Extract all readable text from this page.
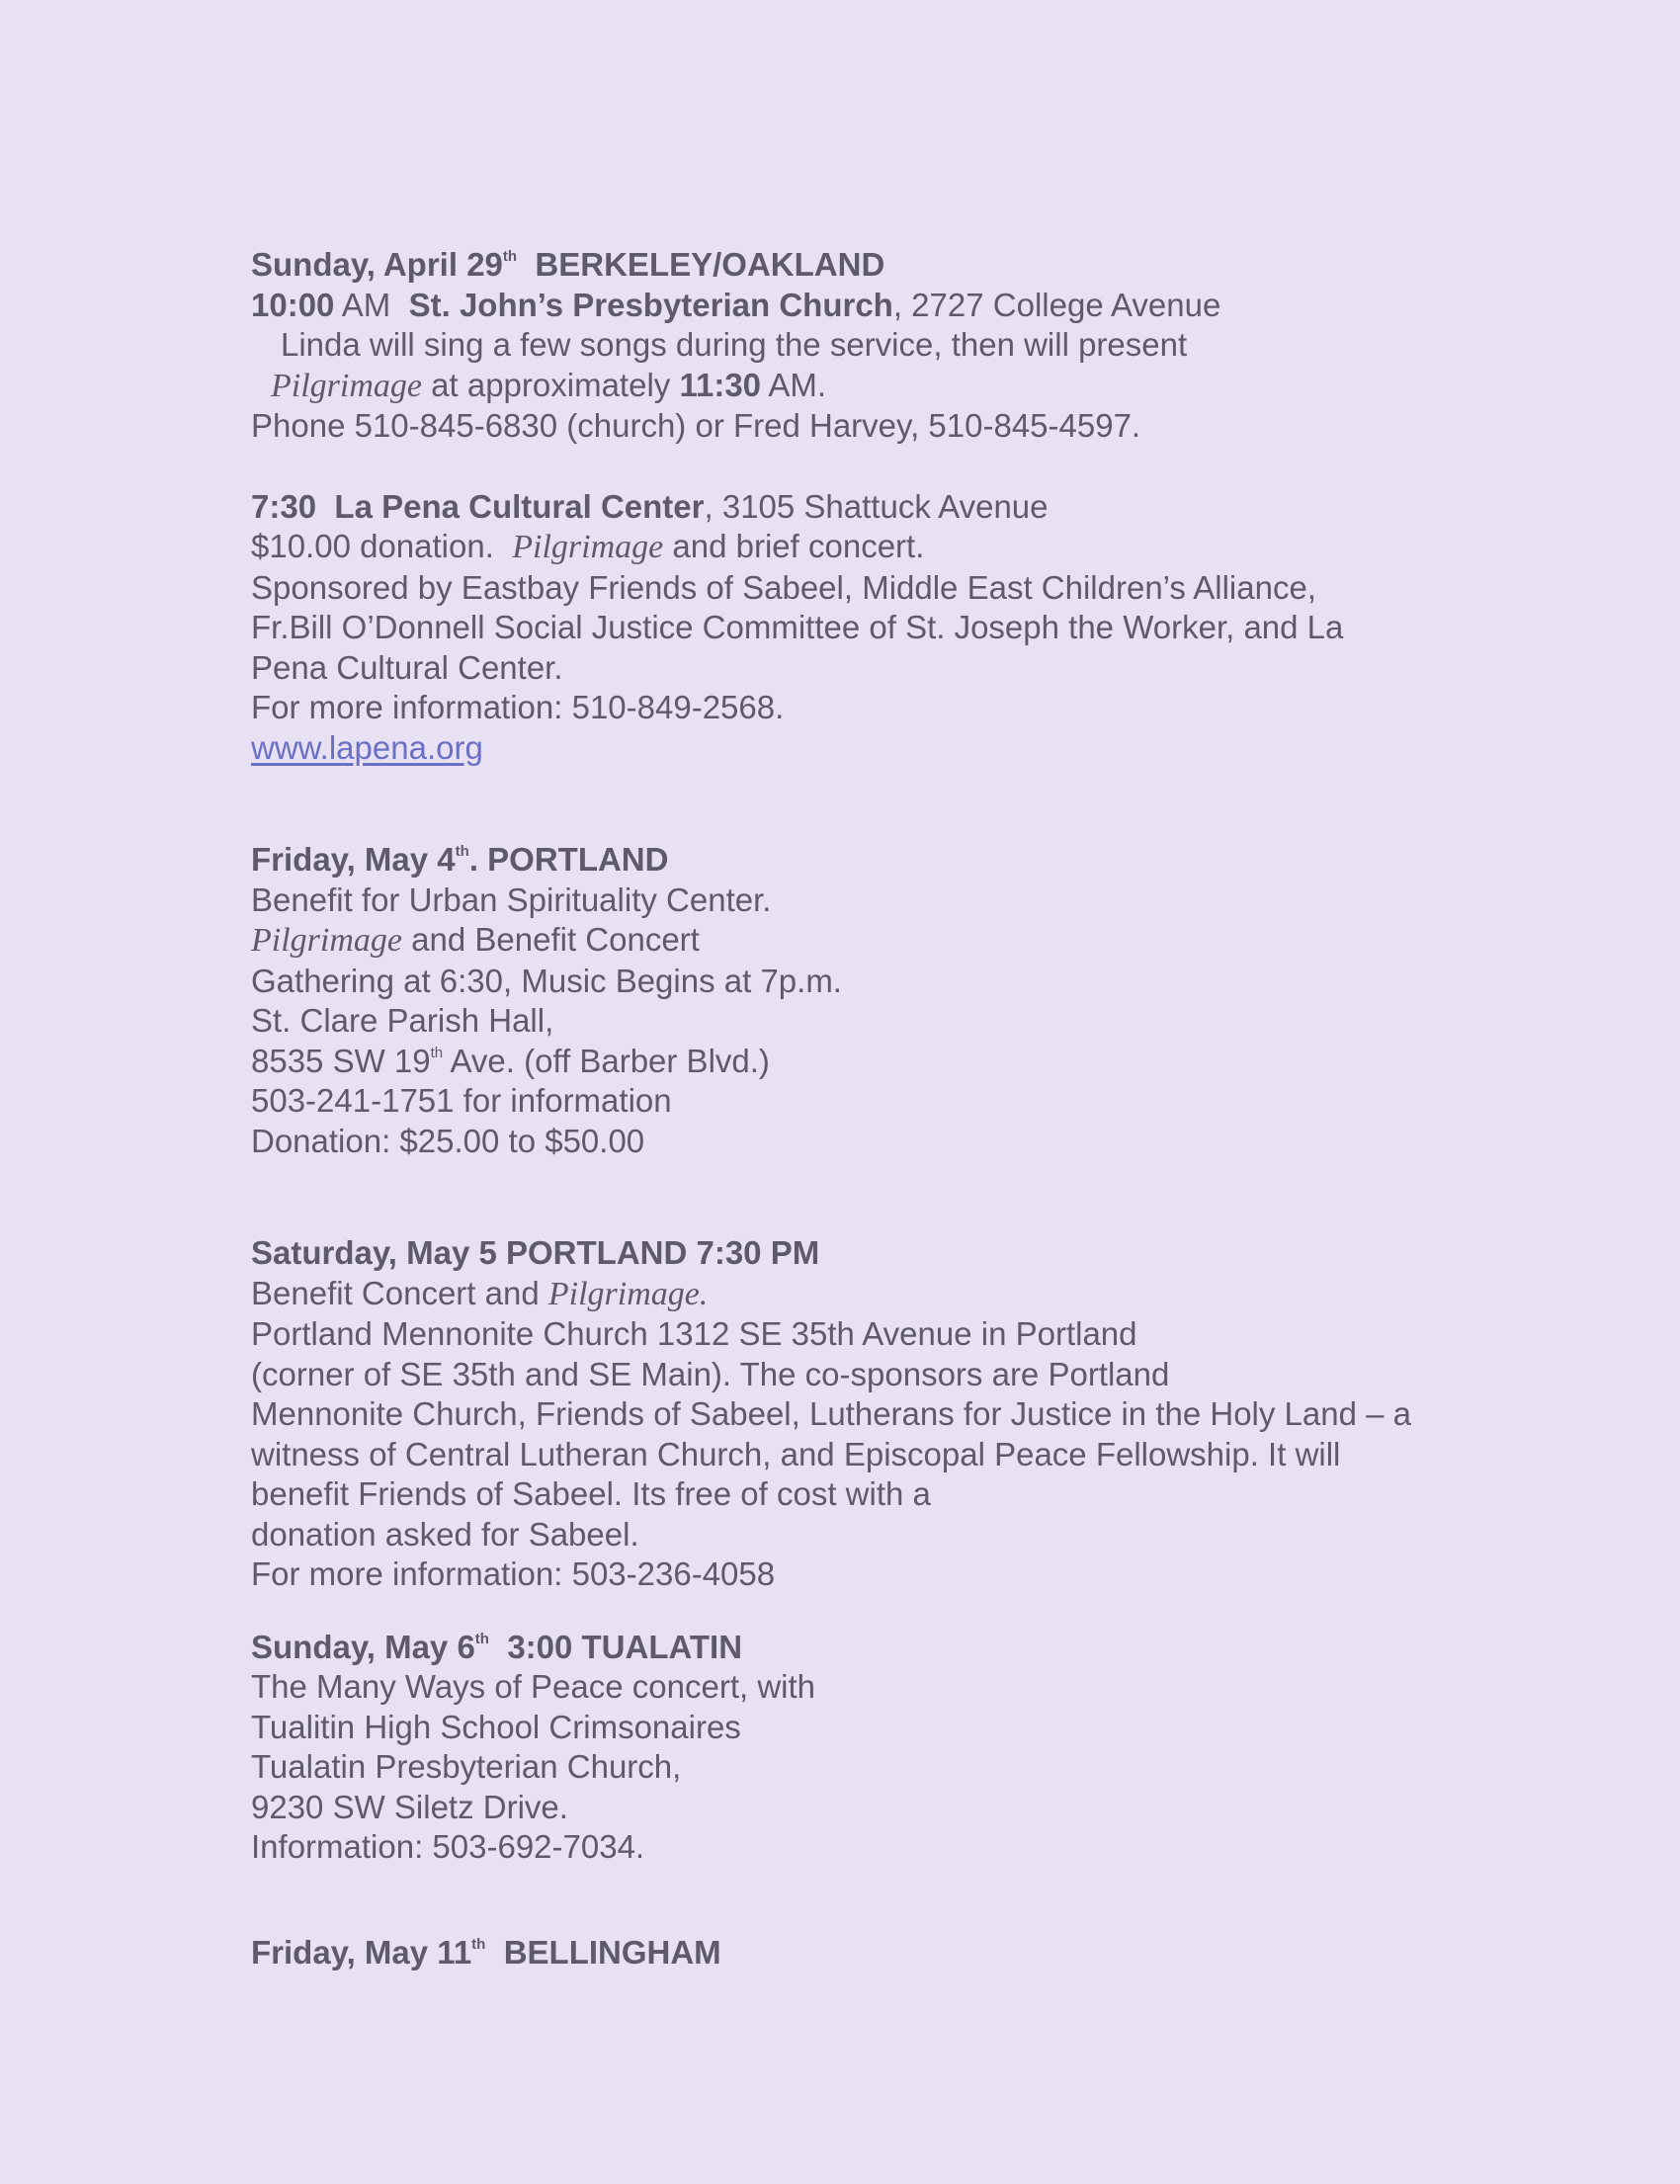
Sunday, April 29th BERKELEY/OAKLAND
10:00 AM St. John’s Presbyterian Church, 2727 College Avenue
Linda will sing a few songs during the service, then will present
Pilgrimage at approximately 11:30 AM.
Phone 510-845-6830 (church) or Fred Harvey, 510-845-4597.
7:30 La Pena Cultural Center, 3105 Shattuck Avenue
$10.00 donation. Pilgrimage and brief concert.
Sponsored by Eastbay Friends of Sabeel, Middle East Children’s Alliance,
Fr.Bill O’Donnell Social Justice Committee of St. Joseph the Worker, and La
Pena Cultural Center.
For more information: 510-849-2568.
www.lapena.org
Friday, May 4th. PORTLAND
Benefit for Urban Spirituality Center.
Pilgrimage and Benefit Concert
Gathering at 6:30, Music Begins at 7p.m.
St. Clare Parish Hall,
8535 SW 19th Ave. (off Barber Blvd.)
503-241-1751 for information
Donation: $25.00 to $50.00
Saturday, May 5 PORTLAND 7:30 PM
Benefit Concert and Pilgrimage.
Portland Mennonite Church 1312 SE 35th Avenue in Portland
(corner of SE 35th and SE Main). The co-sponsors are Portland
Mennonite Church, Friends of Sabeel, Lutherans for Justice in the Holy Land – a
witness of Central Lutheran Church, and Episcopal Peace Fellowship. It will
benefit Friends of Sabeel. Its free of cost with a
donation asked for Sabeel.
For more information: 503-236-4058
Sunday, May 6th 3:00 TUALATIN
The Many Ways of Peace concert, with
Tualitin High School Crimsonaires
Tualatin Presbyterian Church,
9230 SW Siletz Drive.
Information: 503-692-7034.
Friday, May 11th BELLINGHAM
